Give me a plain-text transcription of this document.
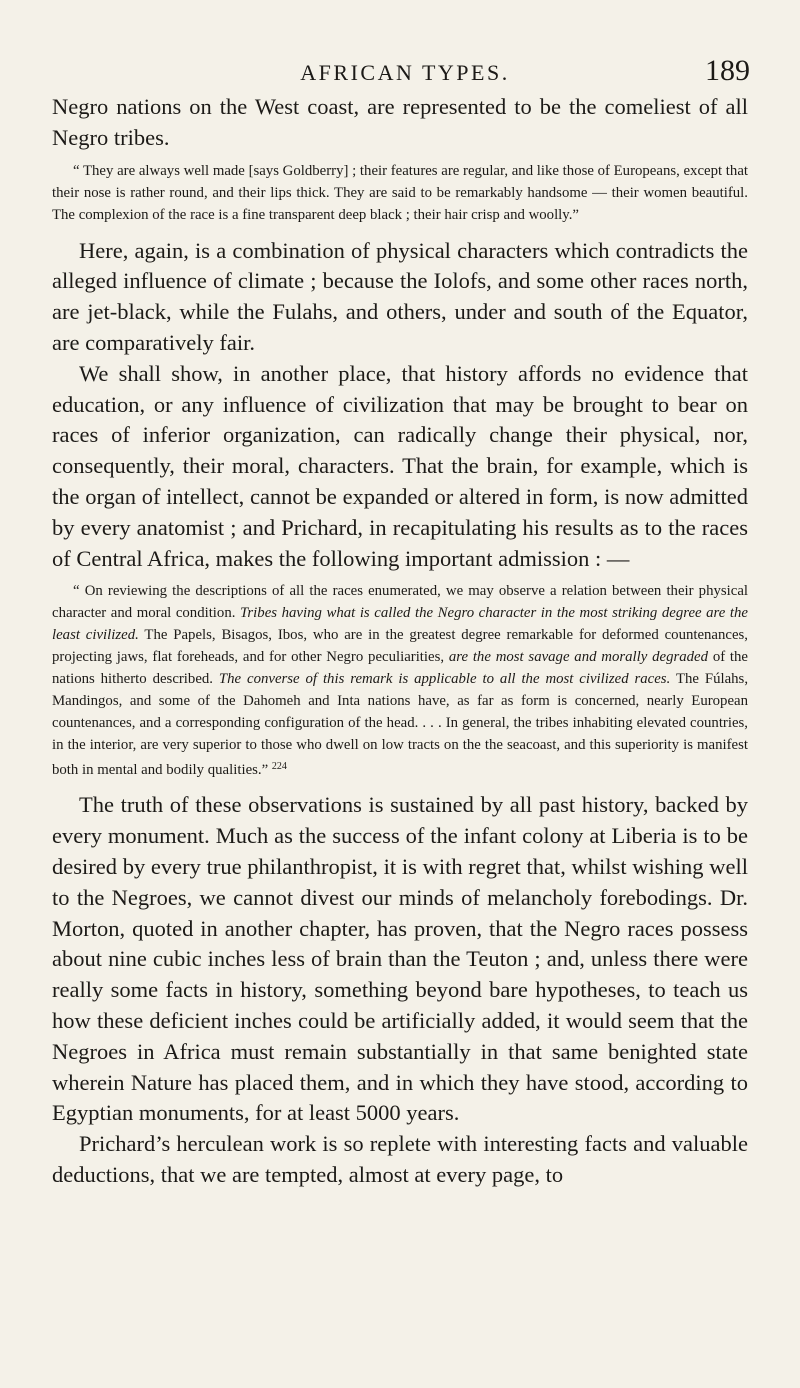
AFRICAN TYPES.	189

Negro nations on the West coast, are represented to be the comeliest of all Negro tribes.

“ They are always well made [says Goldberry] ; their features are regular, and like those of Europeans, except that their nose is rather round, and their lips thick. They are said to be remarkably handsome — their women beautiful. The complexion of the race is a fine transparent deep black ; their hair crisp and woolly.”

Here, again, is a combination of physical characters which contradicts the alleged influence of climate ; because the Iolofs, and some other races north, are jet-black, while the Fulahs, and others, under and south of the Equator, are comparatively fair.

We shall show, in another place, that history affords no evidence that education, or any influence of civilization that may be brought to bear on races of inferior organization, can radically change their physical, nor, consequently, their moral, characters. That the brain, for example, which is the organ of intellect, cannot be expanded or altered in form, is now admitted by every anatomist ; and Prichard, in recapitulating his results as to the races of Central Africa, makes the following important admission : —

“ On reviewing the descriptions of all the races enumerated, we may observe a relation between their physical character and moral condition. Tribes having what is called the Negro character in the most striking degree are the least civilized. The Papels, Bisagos, Ibos, who are in the greatest degree remarkable for deformed countenances, projecting jaws, flat foreheads, and for other Negro peculiarities, are the most savage and morally degraded of the nations hitherto described. The converse of this remark is applicable to all the most civilized races. The Fúlahs, Mandingos, and some of the Dahomeh and Inta nations have, as far as form is concerned, nearly European countenances, and a corresponding configuration of the head. . . . In general, the tribes inhabiting elevated countries, in the interior, are very superior to those who dwell on low tracts on the the seacoast, and this superiority is manifest both in mental and bodily qualities.” $^{224}$

The truth of these observations is sustained by all past history, backed by every monument. Much as the success of the infant colony at Liberia is to be desired by every true philanthropist, it is with regret that, whilst wishing well to the Negroes, we cannot divest our minds of melancholy forebodings. Dr. Morton, quoted in another chapter, has proven, that the Negro races possess about nine cubic inches less of brain than the Teuton ; and, unless there were really some facts in history, something beyond bare hypotheses, to teach us how these deficient inches could be artificially added, it would seem that the Negroes in Africa must remain substantially in that same benighted state wherein Nature has placed them, and in which they have stood, according to Egyptian monuments, for at least 5000 years.

Prichard’s herculean work is so replete with interesting facts and valuable deductions, that we are tempted, almost at every page, to
